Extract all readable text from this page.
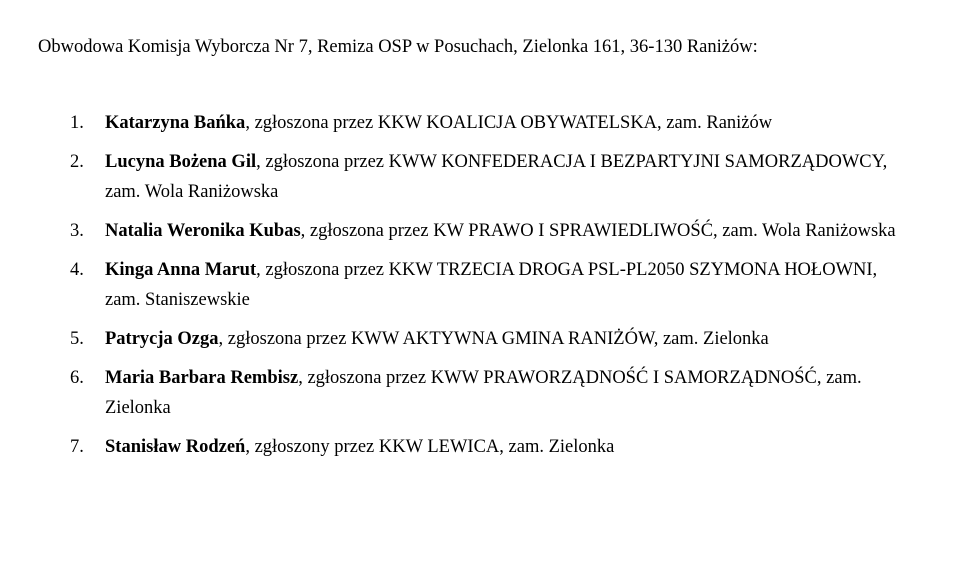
Obwodowa Komisja Wyborcza Nr 7, Remiza OSP w Posuchach, Zielonka 161, 36-130 Raniżów:
1. Katarzyna Bańka, zgłoszona przez KKW KOALICJA OBYWATELSKA, zam. Raniżów
2. Lucyna Bożena Gil, zgłoszona przez KWW KONFEDERACJA I BEZPARTYJNI SAMORZĄDOWCY, zam. Wola Raniżowska
3. Natalia Weronika Kubas, zgłoszona przez KW PRAWO I SPRAWIEDLIWOŚĆ, zam. Wola Raniżowska
4. Kinga Anna Marut, zgłoszona przez KKW TRZECIA DROGA PSL-PL2050 SZYMONA HOŁOWNI, zam. Staniszewskie
5. Patrycja Ozga, zgłoszona przez KWW AKTYWNA GMINA RANIŻÓW, zam. Zielonka
6. Maria Barbara Rembisz, zgłoszona przez KWW PRAWORZĄDNOŚĆ I SAMORZĄDNOŚĆ, zam. Zielonka
7. Stanisław Rodzeń, zgłoszony przez KKW LEWICA, zam. Zielonka
